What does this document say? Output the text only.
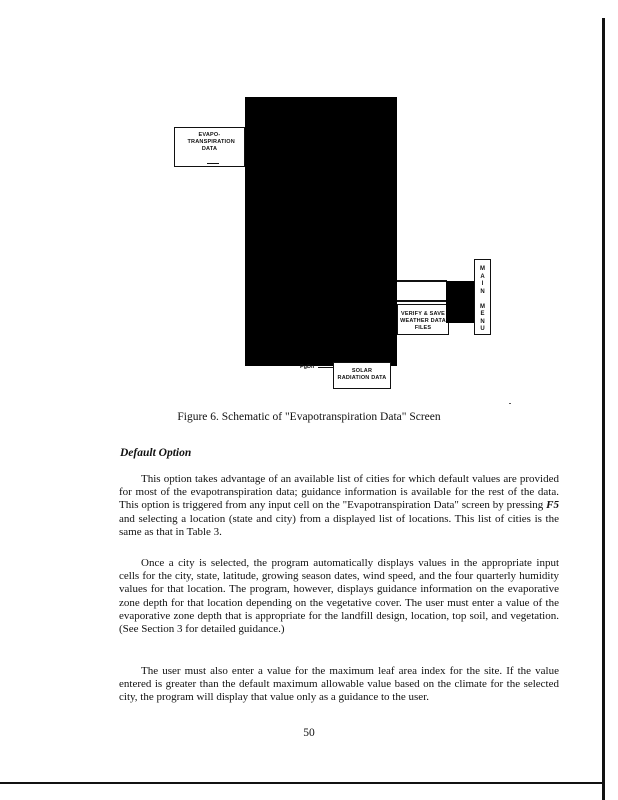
EVAPO-TRANSPIRATION DATA
VERIFY & SAVE WEATHER DATA FILES
M
A
I
N

M
E
N
U
PgDn
SOLAR RADIATION DATA
Figure 6. Schematic of "Evapotranspiration Data" Screen
Default Option
This option takes advantage of an available list of cities for which default values are provided for most of the evapotranspiration data; guidance information is available for the rest of the data. This option is triggered from any input cell on the "Evapotranspiration Data" screen by pressing F5 and selecting a location (state and city) from a displayed list of locations. This list of cities is the same as that in Table 3.
Once a city is selected, the program automatically displays values in the appropriate input cells for the city, state, latitude, growing season dates, wind speed, and the four quarterly humidity values for that location. The program, however, displays guidance information on the evaporative zone depth for that location depending on the vegetative cover. The user must enter a value of the evaporative zone depth that is appropriate for the landfill design, location, top soil, and vegetation. (See Section 3 for detailed guidance.)
The user must also enter a value for the maximum leaf area index for the site. If the value entered is greater than the default maximum allowable value based on the climate for the selected city, the program will display that value only as a guidance to the user.
50
